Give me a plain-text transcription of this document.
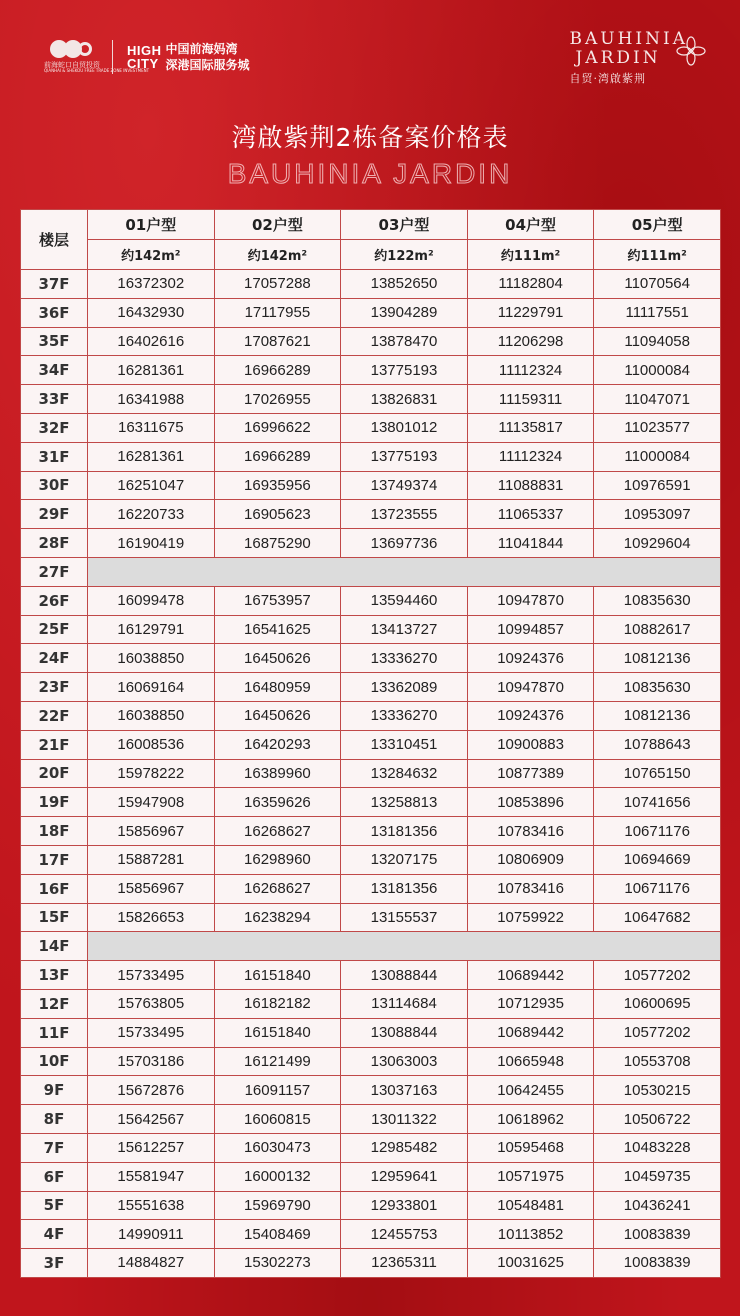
前海蛇口自贸投资
QIANHAI & SHEKOU FREE TRADE ZONE INVESTMENT
HIGH
CITY
中国前海妈湾
深港国际服务城
BAUHINIA
JARDIN
自贸·湾啟紫荆
湾啟紫荆2栋备案价格表
BAUHINIA JARDIN
楼层	01户型	02户型	03户型	04户型	05户型
	约142m²	约142m²	约122m²	约111m²	约111m²
37F	16372302	17057288	13852650	11182804	11070564
36F	16432930	17117955	13904289	11229791	11117551
35F	16402616	17087621	13878470	11206298	11094058
34F	16281361	16966289	13775193	11112324	11000084
33F	16341988	17026955	13826831	11159311	11047071
32F	16311675	16996622	13801012	11135817	11023577
31F	16281361	16966289	13775193	11112324	11000084
30F	16251047	16935956	13749374	11088831	10976591
29F	16220733	16905623	13723555	11065337	10953097
28F	16190419	16875290	13697736	11041844	10929604
27F					
26F	16099478	16753957	13594460	10947870	10835630
25F	16129791	16541625	13413727	10994857	10882617
24F	16038850	16450626	13336270	10924376	10812136
23F	16069164	16480959	13362089	10947870	10835630
22F	16038850	16450626	13336270	10924376	10812136
21F	16008536	16420293	13310451	10900883	10788643
20F	15978222	16389960	13284632	10877389	10765150
19F	15947908	16359626	13258813	10853896	10741656
18F	15856967	16268627	13181356	10783416	10671176
17F	15887281	16298960	13207175	10806909	10694669
16F	15856967	16268627	13181356	10783416	10671176
15F	15826653	16238294	13155537	10759922	10647682
14F					
13F	15733495	16151840	13088844	10689442	10577202
12F	15763805	16182182	13114684	10712935	10600695
11F	15733495	16151840	13088844	10689442	10577202
10F	15703186	16121499	13063003	10665948	10553708
9F	15672876	16091157	13037163	10642455	10530215
8F	15642567	16060815	13011322	10618962	10506722
7F	15612257	16030473	12985482	10595468	10483228
6F	15581947	16000132	12959641	10571975	10459735
5F	15551638	15969790	12933801	10548481	10436241
4F	14990911	15408469	12455753	10113852	10083839
3F	14884827	15302273	12365311	10031625	10083839
